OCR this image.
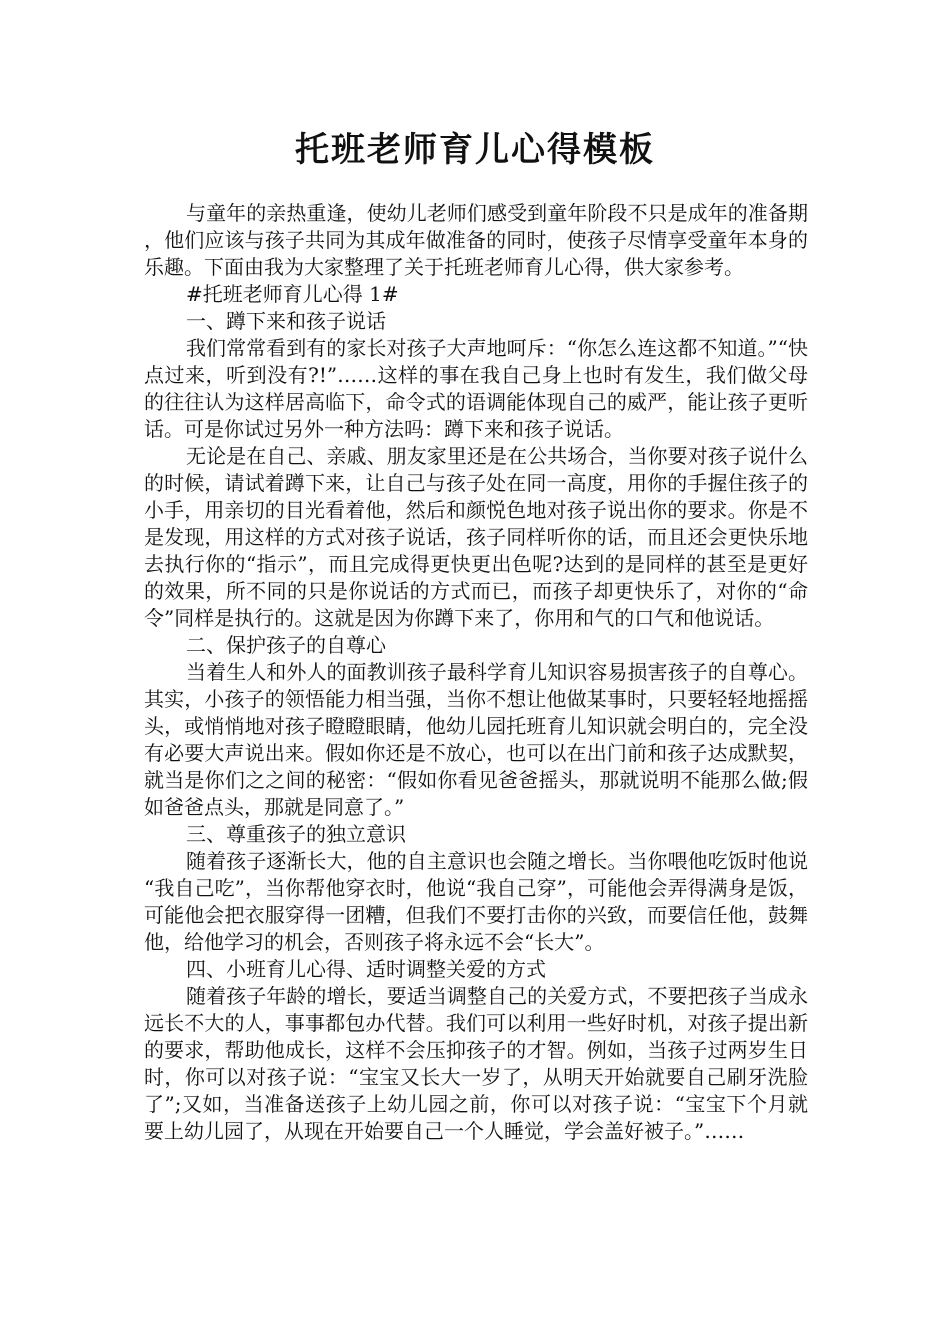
托班老师育儿心得模板

与童年的亲热重逢，使幼儿老师们感受到童年阶段不只是成年的准备期，他们应该与孩子共同为其成年做准备的同时，使孩子尽情享受童年本身的乐趣。下面由我为大家整理了关于托班老师育儿心得，供大家参考。

#托班老师育儿心得 1#

一、蹲下来和孩子说话

我们常常看到有的家长对孩子大声地呵斥：“你怎么连这都不知道。”“快点过来，听到没有?!”……这样的事在我自己身上也时有发生，我们做父母的往往认为这样居高临下，命令式的语调能体现自己的威严，能让孩子更听话。可是你试过另外一种方法吗：蹲下来和孩子说话。

无论是在自己、亲戚、朋友家里还是在公共场合，当你要对孩子说什么的时候，请试着蹲下来，让自己与孩子处在同一高度，用你的手握住孩子的小手，用亲切的目光看着他，然后和颜悦色地对孩子说出你的要求。你是不是发现，用这样的方式对孩子说话，孩子同样听你的话，而且还会更快乐地去执行你的“指示”，而且完成得更快更出色呢?达到的是同样的甚至是更好的效果，所不同的只是你说话的方式而已，而孩子却更快乐了，对你的“命令”同样是执行的。这就是因为你蹲下来了，你用和气的口气和他说话。

二、保护孩子的自尊心

当着生人和外人的面教训孩子最科学育儿知识容易损害孩子的自尊心。其实，小孩子的领悟能力相当强，当你不想让他做某事时，只要轻轻地摇摇头，或悄悄地对孩子瞪瞪眼睛，他幼儿园托班育儿知识就会明白的，完全没有必要大声说出来。假如你还是不放心，也可以在出门前和孩子达成默契，就当是你们之之间的秘密：“假如你看见爸爸摇头，那就说明不能那么做;假如爸爸点头，那就是同意了。”

三、尊重孩子的独立意识

随着孩子逐渐长大，他的自主意识也会随之增长。当你喂他吃饭时他说“我自己吃”，当你帮他穿衣时，他说“我自己穿”，可能他会弄得满身是饭，可能他会把衣服穿得一团糟，但我们不要打击你的兴致，而要信任他，鼓舞他，给他学习的机会，否则孩子将永远不会“长大”。

四、小班育儿心得、适时调整关爱的方式

随着孩子年龄的增长，要适当调整自己的关爱方式，不要把孩子当成永远长不大的人，事事都包办代替。我们可以利用一些好时机，对孩子提出新的要求，帮助他成长，这样不会压抑孩子的才智。例如，当孩子过两岁生日时，你可以对孩子说：“宝宝又长大一岁了，从明天开始就要自己刷牙洗脸了”;又如，当准备送孩子上幼儿园之前，你可以对孩子说：“宝宝下个月就要上幼儿园了，从现在开始要自己一个人睡觉，学会盖好被子。”……
